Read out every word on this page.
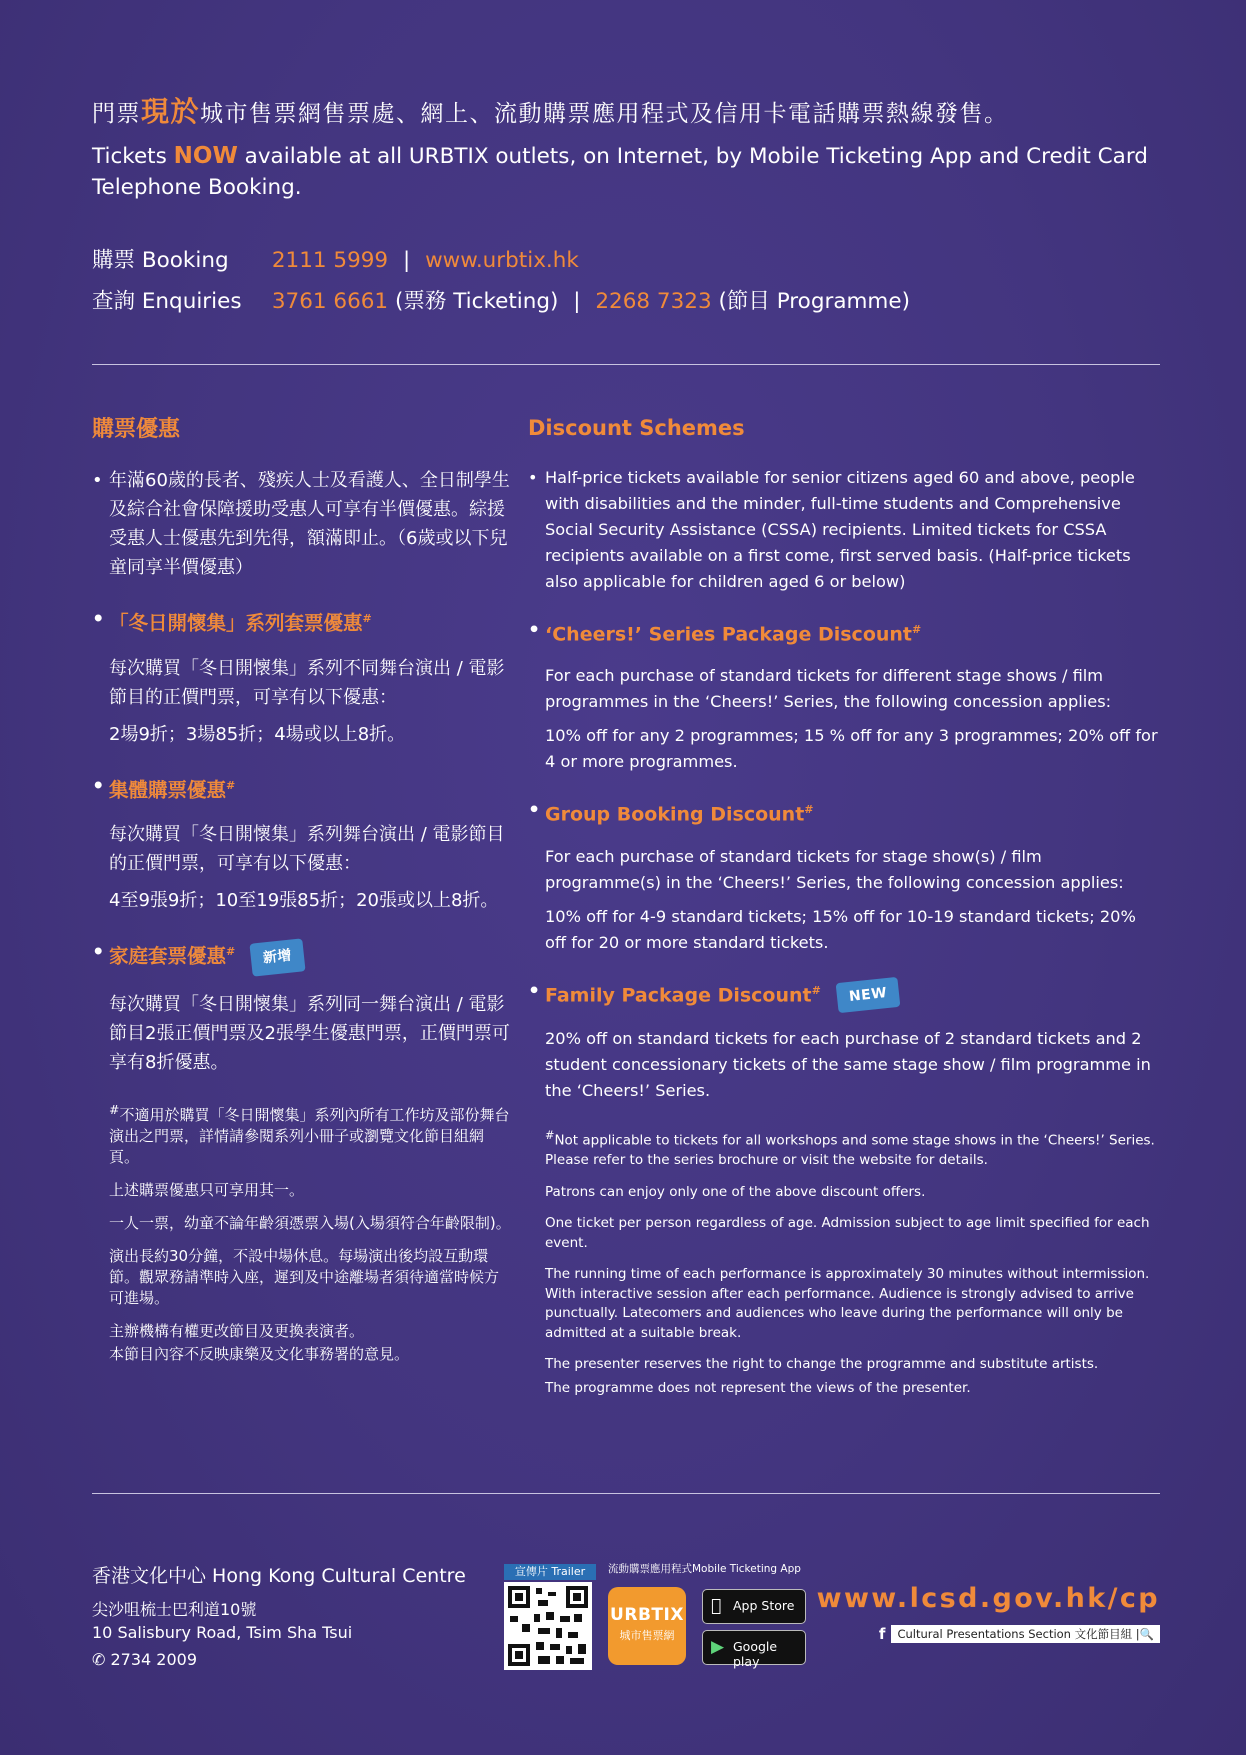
門票現於城市售票網售票處、網上、流動購票應用程式及信用卡電話購票熱線發售。
Tickets NOW available at all URBTIX outlets, on Internet, by Mobile Ticketing App and Credit Card Telephone Booking.
購票 Booking 2111 5999 | www.urbtix.hk
查詢 Enquiries 3761 6661 (票務 Ticketing) | 2268 7323 (節目 Programme)
購票優惠
• 年滿60歲的長者、殘疾人士及看護人、全日制學生及綜合社會保障援助受惠人可享有半價優惠。綜援受惠人士優惠先到先得，額滿即止。（6歲或以下兒童同享半價優惠）
• 「冬日開懷集」系列套票優惠#
每次購買「冬日開懷集」系列不同舞台演出 / 電影節目的正價門票，可享有以下優惠：
2場9折；3場85折；4場或以上8折。
• 集體購票優惠#
每次購買「冬日開懷集」系列舞台演出 / 電影節目的正價門票，可享有以下優惠：
4至9張9折；10至19張85折；20張或以上8折。
• 家庭套票優惠# 新增
每次購買「冬日開懷集」系列同一舞台演出 / 電影節目2張正價門票及2張學生優惠門票，正價門票可享有8折優惠。

#不適用於購買「冬日開懷集」系列內所有工作坊及部份舞台演出之門票，詳情請參閱系列小冊子或瀏覽文化節目組網頁。

上述購票優惠只可享用其一。

一人一票，幼童不論年齡須憑票入場(入場須符合年齡限制)。

演出長約30分鐘，不設中場休息。每場演出後均設互動環節。觀眾務請準時入座，遲到及中途離場者須待適當時候方可進場。

主辦機構有權更改節目及更換表演者。

本節目內容不反映康樂及文化事務署的意見。

Discount Schemes
• Half-price tickets available for senior citizens aged 60 and above, people with disabilities and the minder, full-time students and Comprehensive Social Security Assistance (CSSA) recipients. Limited tickets for CSSA recipients available on a first come, first served basis. (Half-price tickets also applicable for children aged 6 or below)
• ‘Cheers!’ Series Package Discount#
For each purchase of standard tickets for different stage shows / film programmes in the ‘Cheers!’ Series, the following concession applies:
10% off for any 2 programmes; 15 % off for any 3 programmes; 20% off for 4 or more programmes.
• Group Booking Discount#
For each purchase of standard tickets for stage show(s) / film programme(s) in the ‘Cheers!’ Series, the following concession applies:
10% off for 4-9 standard tickets; 15% off for 10-19 standard tickets; 20% off for 20 or more standard tickets.
• Family Package Discount# NEW
20% off on standard tickets for each purchase of 2 standard tickets and 2 student concessionary tickets of the same stage show / film programme in the ‘Cheers!’ Series.

#Not applicable to tickets for all workshops and some stage shows in the ‘Cheers!’ Series. Please refer to the series brochure or visit the website for details.

Patrons can enjoy only one of the above discount offers.

One ticket per person regardless of age. Admission subject to age limit specified for each event.

The running time of each performance is approximately 30 minutes without intermission. With interactive session after each performance. Audience is strongly advised to arrive punctually. Latecomers and audiences who leave during the performance will only be admitted at a suitable break.

The presenter reserves the right to change the programme and substitute artists.

The programme does not represent the views of the presenter.

香港文化中心 Hong Kong Cultural Centre
尖沙咀梳士巴利道10號
10 Salisbury Road, Tsim Sha Tsui
✆ 2734 2009
宣傳片 Trailer	流動購票應用程式Mobile Ticketing App
URBTIX
城市售票網
App Store
▶ Google play
www.lcsd.gov.hk/cp
f	Cultural Presentations Section 文化節目組 |🔍
